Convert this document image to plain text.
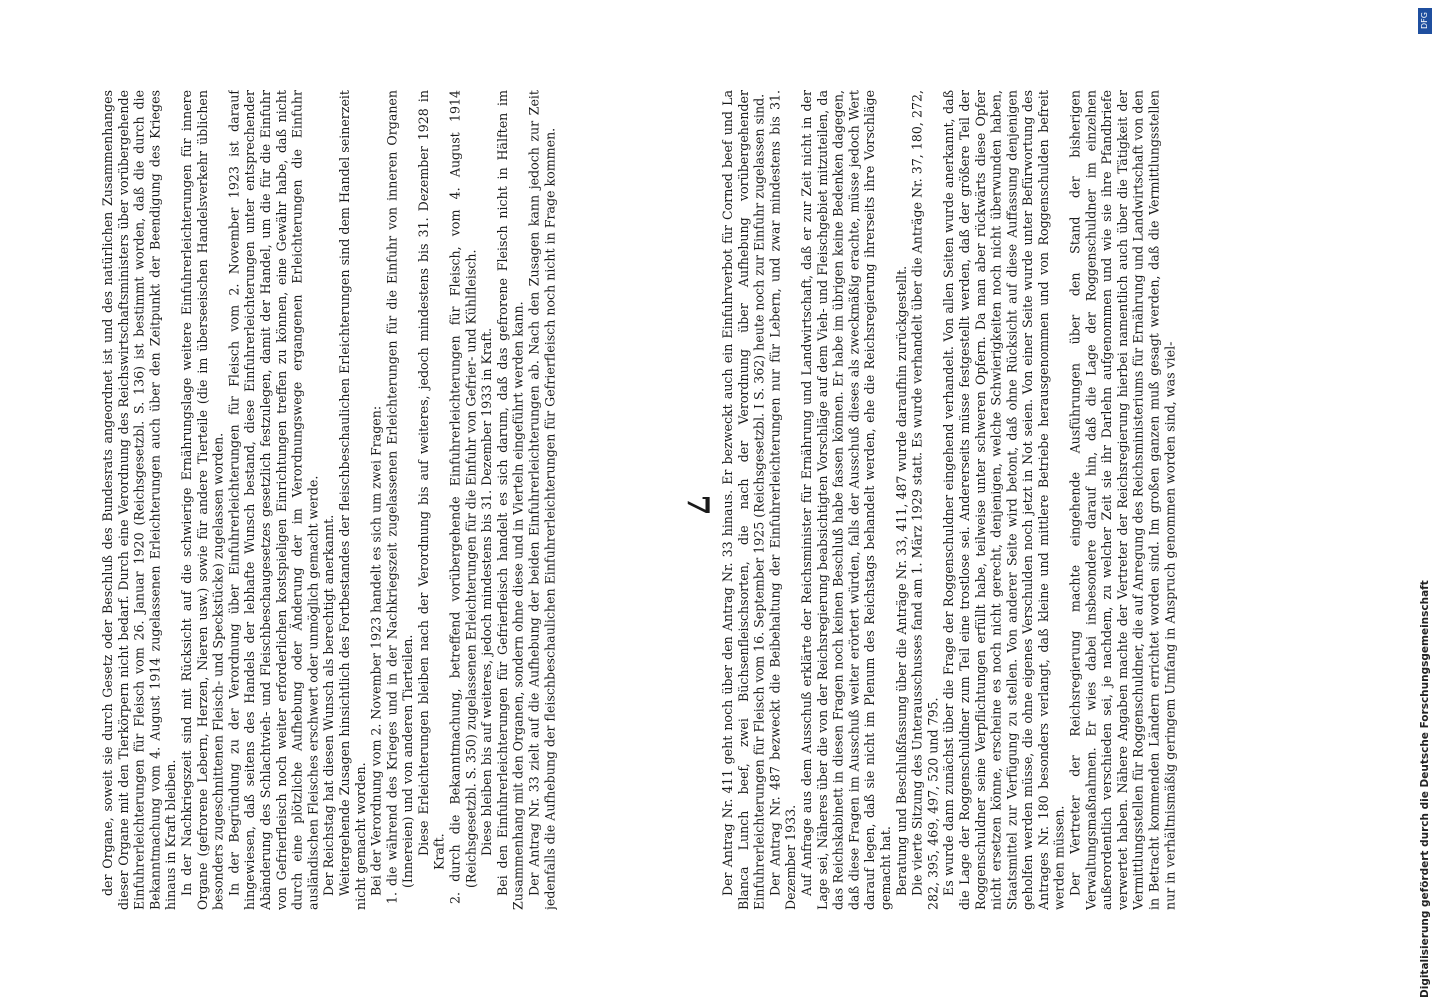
der Organe, soweit sie durch Gesetz oder Beschluß des Bundesrats angeordnet ist und des natürlichen Zusammenhanges dieser Organe mit den Tierkörpern nicht bedarf. Durch eine Verordnung des Reichswirtschaftsministers über vorübergehende Einfuhrerleichterungen für Fleisch vom 26. Januar 1920 (Reichsgesetzbl. S. 136) ist bestimmt worden, daß die durch die Bekanntmachung vom 4. August 1914 zugelassenen Erleichterungen auch über den Zeitpunkt der Beendigung des Krieges hinaus in Kraft bleiben. In der Nachkriegszeit sind mit Rücksicht auf die schwierige Ernährungslage weitere Einfuhrerleichterungen für innere Organe (gefrorene Lebern, Herzen, Nieren usw.) sowie für andere Tierteile (die im überseeischen Handelsverkehr üblichen besonders zugeschnittenen Fleisch- und Speckstücke) zugelassen worden. In der Begründung zu der Verordnung über Einfuhrerleichterungen für Fleisch vom 2. November 1923 ist darauf hingewiesen, daß seitens des Handels der lebhafte Wunsch bestand, diese Einfuhrerleichterungen unter entsprechender Abänderung des Schlachtvieh- und Fleischbeschaugesetzes gesetzlich festzulegen, damit der Handel, um die für die Einfuhr von Gefrierfleisch noch weiter erforderlichen kostspieligen Einrichtungen treffen zu können, eine Gewähr habe, daß nicht durch eine plötzliche Aufhebung oder Änderung der im Verordnungswege ergangenen Erleichterungen die Einfuhr ausländischen Fleisches erschwert oder unmöglich gemacht werde. Der Reichstag hat diesen Wunsch als berechtigt anerkannt. Weitergehende Zusagen hinsichtlich des Fortbestandes der fleischbeschaulichen Erleichterungen sind dem Handel seinerzeit nicht gemacht worden. Bei der Verordnung vom 2. November 1923 handelt es sich um zwei Fragen: 1. die während des Krieges und in der Nachkriegszeit zugelassenen Erleichterungen für die Einfuhr von inneren Organen (Innereien) und von anderen Tierteilen. Diese Erleichterungen bleiben nach der Verordnung bis auf weiteres, jedoch mindestens bis 31. Dezember 1928 in Kraft. 2. durch die Bekanntmachung, betreffend vorübergehende Einfuhrerleichterungen für Fleisch, vom 4. August 1914 (Reichsgesetzbl. S. 350) zugelassenen Erleichterungen für die Einfuhr von Gefrier- und Kühlfleisch. Diese bleiben bis auf weiteres, jedoch mindestens bis 31. Dezember 1933 in Kraft. Bei den Einfuhrerleichterungen für Gefrierfleisch handelt es sich darum, daß das gefrorene Fleisch nicht in Hälften im Zusammenhang mit den Organen, sondern ohne diese und in Vierteln eingeführt werden kann. Der Antrag Nr. 33 zielt auf die Aufhebung der beiden Einfuhrerleichterungen ab. Nach den Zusagen kann jedoch zur Zeit jedenfalls die Aufhebung der fleischbeschaulichen Einfuhrerleichterungen für Gefrierfleisch noch nicht in Frage kommen.	7 Der Antrag Nr. 411 geht noch über den Antrag Nr. 33 hinaus. Er bezweckt auch ein Einfuhrverbot für Corned beef und La Blanca Lunch beef, zwei Büchsenfleischsorten, die nach der Verordnung über Aufhebung vorübergehender Einfuhrerleichterungen für Fleisch vom 16. September 1925 (Reichsgesetzbl. I S. 362) heute noch zur Einfuhr zugelassen sind. Der Antrag Nr. 487 bezweckt die Beibehaltung der Einfuhrerleichterungen nur für Lebern, und zwar mindestens bis 31. Dezember 1933. Auf Anfrage aus dem Ausschuß erklärte der Reichsminister für Ernährung und Landwirtschaft, daß er zur Zeit nicht in der Lage sei, Näheres über die von der Reichsregierung beabsichtigten Vorschläge auf dem Vieh- und Fleischgebiet mitzuteilen, da das Reichskabinett in diesen Fragen noch keinen Beschluß habe fassen können. Er habe im übrigen keine Bedenken dagegen, daß diese Fragen im Ausschuß weiter erörtert würden, falls der Ausschuß dieses als zweckmäßig erachte, müsse jedoch Wert darauf legen, daß sie nicht im Plenum des Reichstags behandelt werden, ehe die Reichsregierung ihrerseits ihre Vorschläge gemacht hat. Beratung und Beschlußfassung über die Anträge Nr. 33, 411, 487 wurde daraufhin zurückgestellt. Die vierte Sitzung des Unterausschusses fand am 1. März 1929 statt. Es wurde verhandelt über die Anträge Nr. 37, 180, 272, 282, 395, 469, 497, 520 und 795. Es wurde dann zunächst über die Frage der Roggenschuldner eingehend verhandelt. Von allen Seiten wurde anerkannt, daß die Lage der Roggenschuldner zum Teil eine trostlose sei. Andererseits müsse festgestellt werden, daß der größere Teil der Roggenschuldner seine Verpflichtungen erfüllt habe, teilweise unter schweren Opfern. Da man aber rückwärts diese Opfer nicht ersetzen könne, erscheine es noch nicht gerecht, denjenigen, welche Schwierigkeiten noch nicht überwunden haben, Staatsmittel zur Verfügung zu stellen. Von anderer Seite wird betont, daß ohne Rücksicht auf diese Auffassung denjenigen geholfen werden müsse, die ohne eigenes Verschulden noch jetzt in Not seien. Von einer Seite wurde unter Befürwortung des Antrages Nr. 180 besonders verlangt, daß kleine und mittlere Betriebe herausgenommen und von Roggenschulden befreit werden müssen. Der Vertreter der Reichsregierung machte eingehende Ausführungen über den Stand der bisherigen Verwaltungsmaßnahmen. Er wies dabei insbesondere darauf hin, daß die Lage der Roggenschuldner im einzelnen außerordentlich verschieden sei, je nachdem, zu welcher Zeit sie ihr Darlehn aufgenommen und wie sie ihre Pfandbriefe verwertet haben. Nähere Angaben machte der Vertreter der Reichsregierung hierbei namentlich auch über die Tätigkeit der Vermittlungsstellen für Roggenschuldner, die auf Anregung des Reichsministeriums für Ernährung und Landwirtschaft von den in Betracht kommenden Ländern errichtet worden sind. Im großen ganzen muß gesagt werden, daß die Vermittlungsstellen nur in verhältnismäßig geringem Umfang in Anspruch genommen worden sind, was viel-

DFG
Digitalisierung gefördert durch die Deutsche Forschungsgemeinschaft
